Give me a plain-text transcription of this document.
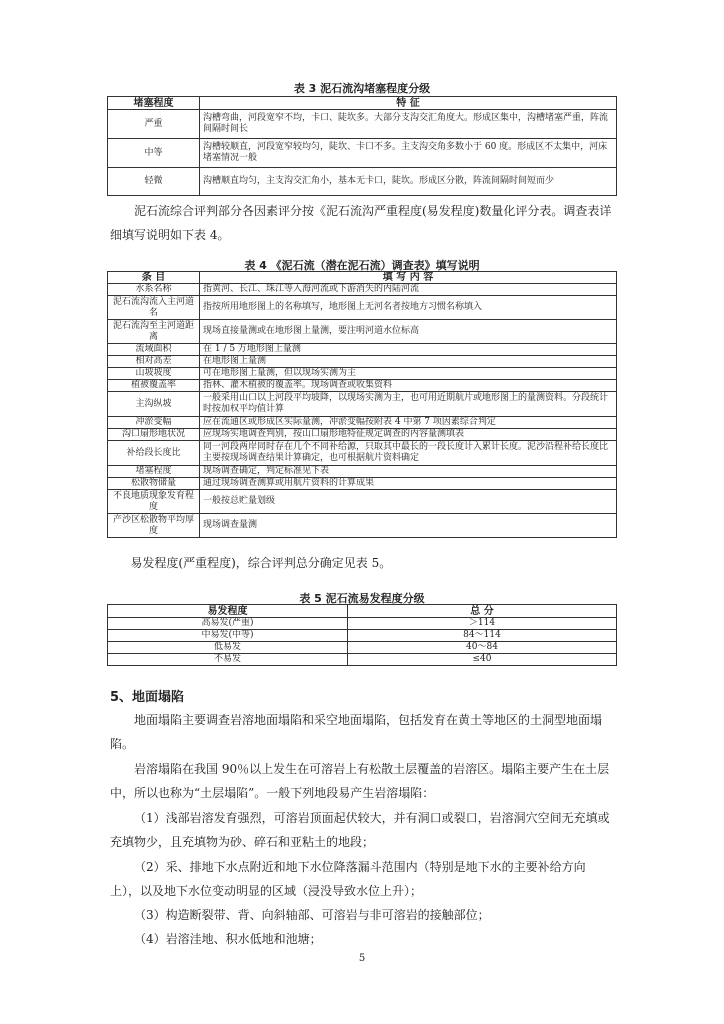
表 3 泥石流沟堵塞程度分级
堵塞程度	特 征
严重	沟槽弯曲，河段宽窄不均，卡口、陡坎多。大部分支沟交汇角度大。形成区集中，沟槽堵塞严重，阵流间隔时间长
中等	沟槽较顺直，河段宽窄较均匀，陡坎、卡口不多。主支沟交角多数小于 60 度。形成区不太集中，河床堵塞情况一般
轻微	沟槽顺直均匀，主支沟交汇角小，基本无卡口，陡坎。形成区分散，阵流间隔时间短而少
泥石流综合评判部分各因素评分按《泥石流沟严重程度(易发程度)数量化评分表。调查表详细填写说明如下表 4。
表 4 《泥石流（潜在泥石流）调查表》填写说明
条 目	填 写 内 容
水系名称	指黄河、长江、珠江等入海河流或下游消失的内陆河流
泥石流沟流入主河道名	指按所用地形图上的名称填写，地形图上无河名者按地方习惯名称填入
泥石流沟至主河道距离	现场直接量测或在地形图上量测，要注明河道水位标高
流域面积	在 1 / 5 万地形图上量测
相对高差	在地形图上量测
山坡坡度	可在地形图上量测，但以现场实测为主
植被覆盖率	指林、灌木植被的覆盖率。现场调查或收集资料
主沟纵坡	一般采用山口以上河段平均坡降，以现场实测为主，也可用近期航片或地形图上的量测资料。分段统计时按加权平均值计算
冲淤变幅	应在流通区或形成区实际量测，冲淤变幅按附表 4 中第 7 项因素综合判定
沟口扇形地状况	应现场实地调查判别，按山口扇形地特征规定调查的内容量测填表
补给段长度比	同一河段两岸同时存在几个不同补给源，只取其中最长的一段长度计入累计长度。泥沙沿程补给长度比主要按现场调查结果计算确定，也可根据航片资料确定
堵塞程度	现场调查确定，判定标准见下表
松散物储量	通过现场调查测算或用航片资料的计算成果
不良地质现象发育程度	一般按总贮量划级
产沙区松散物平均厚度	现场调查量测
易发程度(严重程度)，综合评判总分确定见表 5。
表 5 泥石流易发程度分级
易发程度	总 分
高易发(严重)	＞114
中易发(中等)	84～114
低易发	40～84
不易发	≤40
5、地面塌陷
地面塌陷主要调查岩溶地面塌陷和采空地面塌陷，包括发育在黄土等地区的土洞型地面塌陷。
岩溶塌陷在我国 90％以上发生在可溶岩上有松散土层覆盖的岩溶区。塌陷主要产生在土层中，所以也称为“土层塌陷”。一般下列地段易产生岩溶塌陷：
（1）浅部岩溶发育强烈，可溶岩顶面起伏较大，并有洞口或裂口，岩溶洞穴空间无充填或充填物少，且充填物为砂、碎石和亚粘土的地段；
（2）采、排地下水点附近和地下水位降落漏斗范围内（特别是地下水的主要补给方向上），以及地下水位变动明显的区域（浸没导致水位上升）；
（3）构造断裂带、背、向斜轴部、可溶岩与非可溶岩的接触部位；
（4）岩溶洼地、积水低地和池塘；
5
